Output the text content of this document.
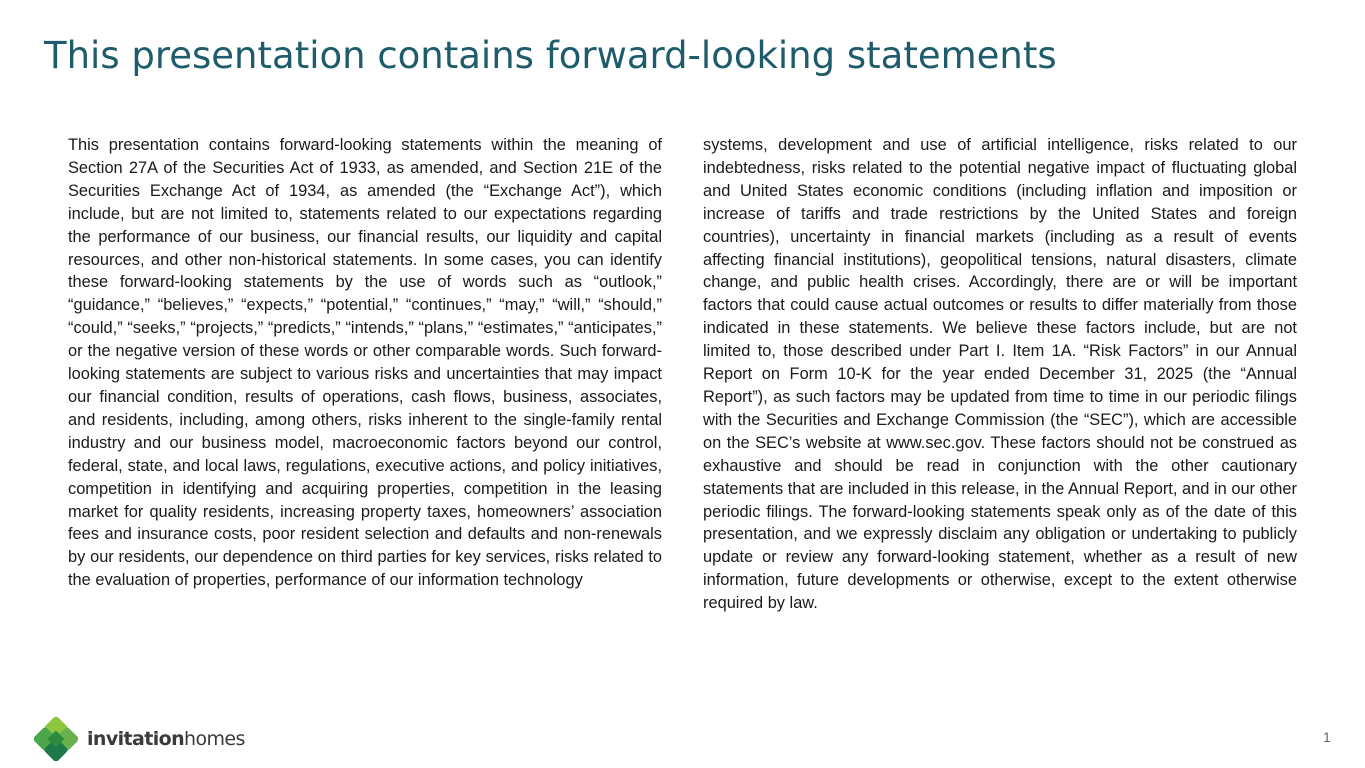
This presentation contains forward-looking statements
This presentation contains forward-looking statements within the meaning of Section 27A of the Securities Act of 1933, as amended, and Section 21E of the Securities Exchange Act of 1934, as amended (the “Exchange Act”), which include, but are not limited to, statements related to our expectations regarding the performance of our business, our financial results, our liquidity and capital resources, and other non-historical statements. In some cases, you can identify these forward-looking statements by the use of words such as “outlook,” “guidance,” “believes,” “expects,” “potential,” “continues,” “may,” “will,” “should,” “could,” “seeks,” “projects,” “predicts,” “intends,” “plans,” “estimates,” “anticipates,” or the negative version of these words or other comparable words. Such forward-looking statements are subject to various risks and uncertainties that may impact our financial condition, results of operations, cash flows, business, associates, and residents, including, among others, risks inherent to the single-family rental industry and our business model, macroeconomic factors beyond our control, federal, state, and local laws, regulations, executive actions, and policy initiatives, competition in identifying and acquiring properties, competition in the leasing market for quality residents, increasing property taxes, homeowners’ association fees and insurance costs, poor resident selection and defaults and non-renewals by our residents, our dependence on third parties for key services, risks related to the evaluation of properties, performance of our information technology
systems, development and use of artificial intelligence, risks related to our indebtedness, risks related to the potential negative impact of fluctuating global and United States economic conditions (including inflation and imposition or increase of tariffs and trade restrictions by the United States and foreign countries), uncertainty in financial markets (including as a result of events affecting financial institutions), geopolitical tensions, natural disasters, climate change, and public health crises. Accordingly, there are or will be important factors that could cause actual outcomes or results to differ materially from those indicated in these statements. We believe these factors include, but are not limited to, those described under Part I. Item 1A. “Risk Factors” in our Annual Report on Form 10-K for the year ended December 31, 2025 (the “Annual Report”), as such factors may be updated from time to time in our periodic filings with the Securities and Exchange Commission (the “SEC”), which are accessible on the SEC’s website at www.sec.gov. These factors should not be construed as exhaustive and should be read in conjunction with the other cautionary statements that are included in this release, in the Annual Report, and in our other periodic filings. The forward-looking statements speak only as of the date of this presentation, and we expressly disclaim any obligation or undertaking to publicly update or review any forward-looking statement, whether as a result of new information, future developments or otherwise, except to the extent otherwise required by law.
invitationhomes	1
